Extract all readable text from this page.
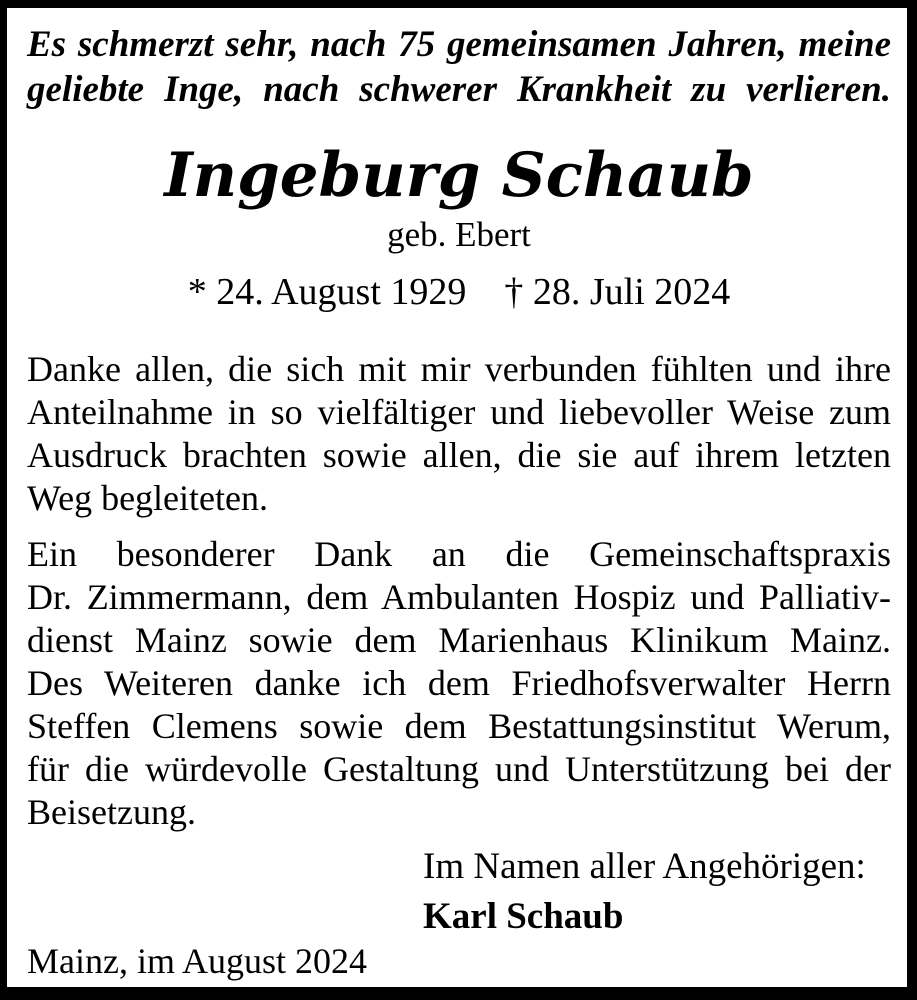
Es schmerzt sehr, nach 75 gemeinsamen Jahren, meine
geliebte Inge, nach schwerer Krankheit zu verlieren.
Ingeburg Schaub
geb. Ebert
* 24. August 1929 † 28. Juli 2024
Danke allen, die sich mit mir verbunden fühlten und ihre
Anteilnahme in so vielfältiger und liebevoller Weise zum
Ausdruck brachten sowie allen, die sie auf ihrem letzten
Weg begleiteten.
Ein besonderer Dank an die Gemeinschaftspraxis
Dr. Zimmermann, dem Ambulanten Hospiz und Palliativ-
dienst Mainz sowie dem Marienhaus Klinikum Mainz.
Des Weiteren danke ich dem Friedhofsverwalter Herrn
Steffen Clemens sowie dem Bestattungsinstitut Werum,
für die würdevolle Gestaltung und Unterstützung bei der
Beisetzung.
Im Namen aller Angehörigen:
Karl Schaub
Mainz, im August 2024
